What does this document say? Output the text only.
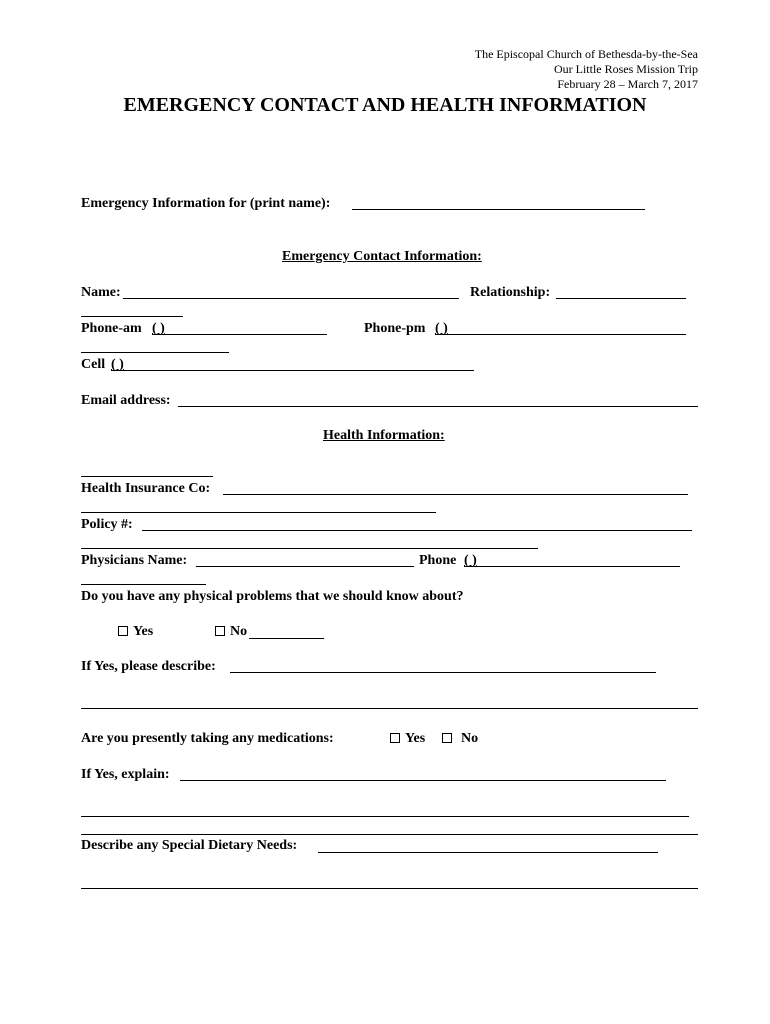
The Episcopal Church of Bethesda-by-the-Sea
Our Little Roses Mission Trip
February 28 – March 7, 2017
EMERGENCY CONTACT AND HEALTH INFORMATION
Emergency Information for (print name):
Emergency Contact Information:
Name:	Relationship:
Phone-am ( )	Phone-pm ( )
Cell ( )
Email address:
Health Information:
Health Insurance Co:
Policy #:
Physicians Name:	Phone ( )
Do you have any physical problems that we should know about?
Yes	No
If Yes, please describe:
Are you presently taking any medications:	Yes	No
If Yes, explain:
Describe any Special Dietary Needs:
